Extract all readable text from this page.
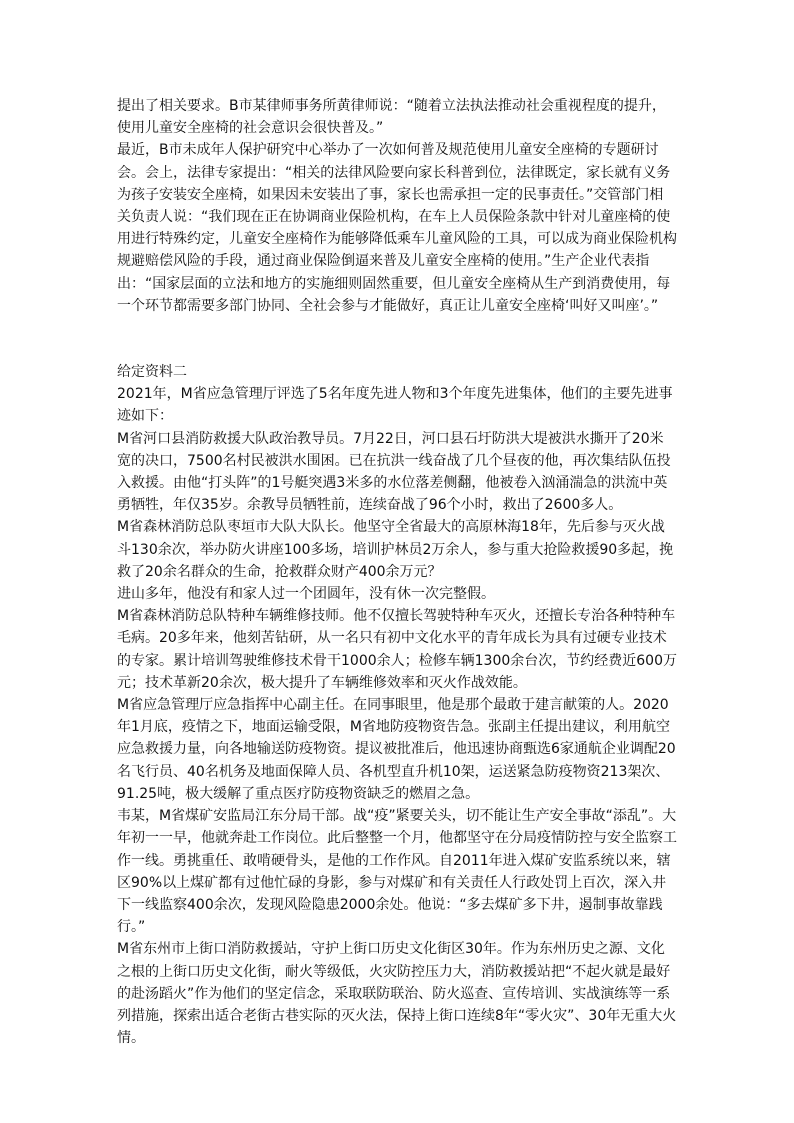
提出了相关要求。B市某律师事务所黄律师说：“随着立法执法推动社会重视程度的提升，使用儿童安全座椅的社会意识会很快普及。”

最近，B市未成年人保护研究中心举办了一次如何普及规范使用儿童安全座椅的专题研讨会。会上，法律专家提出：“相关的法律风险要向家长科普到位，法律既定，家长就有义务为孩子安装安全座椅，如果因未安装出了事，家长也需承担一定的民事责任。”交管部门相关负责人说：“我们现在正在协调商业保险机构，在车上人员保险条款中针对儿童座椅的使用进行特殊约定，儿童安全座椅作为能够降低乘车儿童风险的工具，可以成为商业保险机构规避赔偿风险的手段，通过商业保险倒逼来普及儿童安全座椅的使用。”生产企业代表指出：“国家层面的立法和地方的实施细则固然重要，但儿童安全座椅从生产到消费使用，每一个环节都需要多部门协同、全社会参与才能做好，真正让儿童安全座椅‘叫好又叫座’。”

给定资料二

2021年，M省应急管理厅评选了5名年度先进人物和3个年度先进集体，他们的主要先进事迹如下：

M省河口县消防救援大队政治教导员。7月22日，河口县石圩防洪大堤被洪水撕开了20米宽的决口，7500名村民被洪水围困。已在抗洪一线奋战了几个昼夜的他，再次集结队伍投入救援。由他“打头阵”的1号艇突遇3米多的水位落差侧翻，他被卷入汹涌湍急的洪流中英勇牺牲，年仅35岁。余教导员牺牲前，连续奋战了96个小时，救出了2600多人。

M省森林消防总队枣垣市大队大队长。他坚守全省最大的高原林海18年，先后参与灭火战斗130余次，举办防火讲座100多场，培训护林员2万余人，参与重大抢险救援90多起，挽救了20余名群众的生命，抢救群众财产400余万元？

进山多年，他没有和家人过一个团圆年，没有休一次完整假。

M省森林消防总队特种车辆维修技师。他不仅擅长驾驶特种车灭火，还擅长专治各种特种车毛病。20多年来，他刻苦钻研，从一名只有初中文化水平的青年成长为具有过硬专业技术的专家。累计培训驾驶维修技术骨干1000余人；检修车辆1300余台次，节约经费近600万元；技术革新20余次，极大提升了车辆维修效率和灭火作战效能。

M省应急管理厅应急指挥中心副主任。在同事眼里，他是那个最敢于建言献策的人。2020年1月底，疫情之下，地面运输受限，M省地防疫物资告急。张副主任提出建议，利用航空应急救援力量，向各地输送防疫物资。提议被批准后，他迅速协商甄选6家通航企业调配20名飞行员、40名机务及地面保障人员、各机型直升机10架，运送紧急防疫物资213架次、91.25吨，极大缓解了重点医疗防疫物资缺乏的燃眉之急。

韦某，M省煤矿安监局江东分局干部。战“疫”紧要关头，切不能让生产安全事故“添乱”。大年初一一早，他就奔赴工作岗位。此后整整一个月，他都坚守在分局疫情防控与安全监察工作一线。勇挑重任、敢啃硬骨头，是他的工作作风。自2011年进入煤矿安监系统以来，辖区90%以上煤矿都有过他忙碌的身影，参与对煤矿和有关责任人行政处罚上百次，深入井下一线监察400余次，发现风险隐患2000余处。他说：“多去煤矿多下井，遏制事故靠践行。”

M省东州市上街口消防救援站，守护上街口历史文化街区30年。作为东州历史之源、文化之根的上街口历史文化街，耐火等级低，火灾防控压力大，消防救援站把“不起火就是最好的赴汤蹈火”作为他们的坚定信念，采取联防联治、防火巡查、宣传培训、实战演练等一系列措施，探索出适合老街古巷实际的灭火法，保持上街口连续8年“零火灾”、30年无重大火情。
